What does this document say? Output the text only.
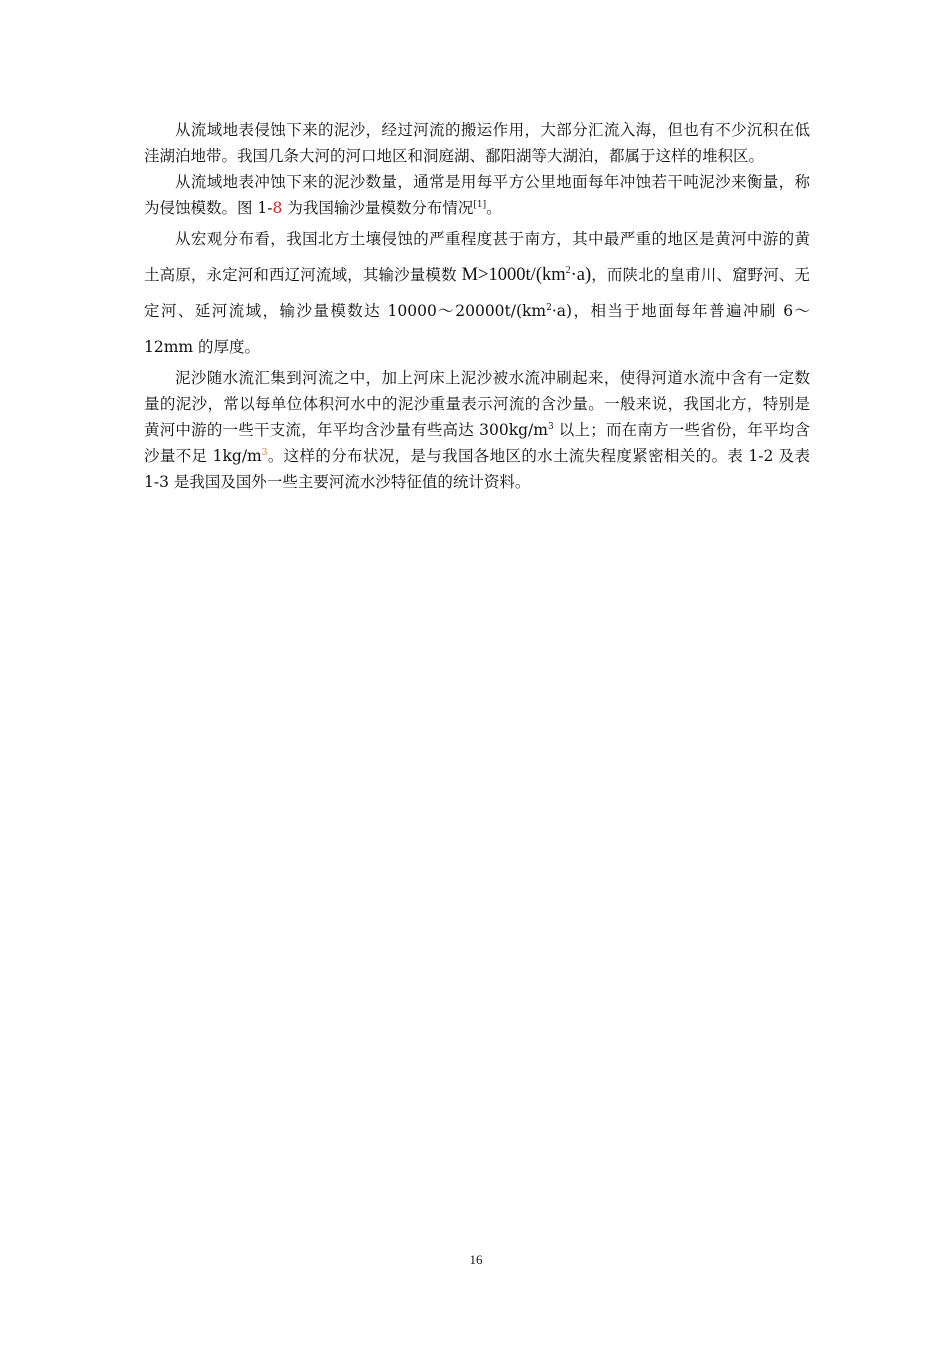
从流域地表侵蚀下来的泥沙，经过河流的搬运作用，大部分汇流入海，但也有不少沉积在低洼湖泊地带。我国几条大河的河口地区和洞庭湖、鄱阳湖等大湖泊，都属于这样的堆积区。

从流域地表冲蚀下来的泥沙数量，通常是用每平方公里地面每年冲蚀若干吨泥沙来衡量，称为侵蚀模数。图 1-8 为我国输沙量模数分布情况[1]。

从宏观分布看，我国北方土壤侵蚀的严重程度甚于南方，其中最严重的地区是黄河中游的黄土高原，永定河和西辽河流域，其输沙量模数 $M>1000t/(km^2\cdot a)$，而陕北的皇甫川、窟野河、无定河、延河流域，输沙量模数达 $10000\sim 20000t/(km^2\cdot a)$，相当于地面每年普遍冲刷 6～12mm 的厚度。

泥沙随水流汇集到河流之中，加上河床上泥沙被水流冲刷起来，使得河道水流中含有一定数量的泥沙，常以每单位体积河水中的泥沙重量表示河流的含沙量。一般来说，我国北方，特别是黄河中游的一些干支流，年平均含沙量有些高达 $300kg/m^3$ 以上；而在南方一些省份，年平均含沙量不足 $1kg/m^3$。这样的分布状况，是与我国各地区的水土流失程度紧密相关的。表 1-2 及表 1-3 是我国及国外一些主要河流水沙特征值的统计资料。

16
